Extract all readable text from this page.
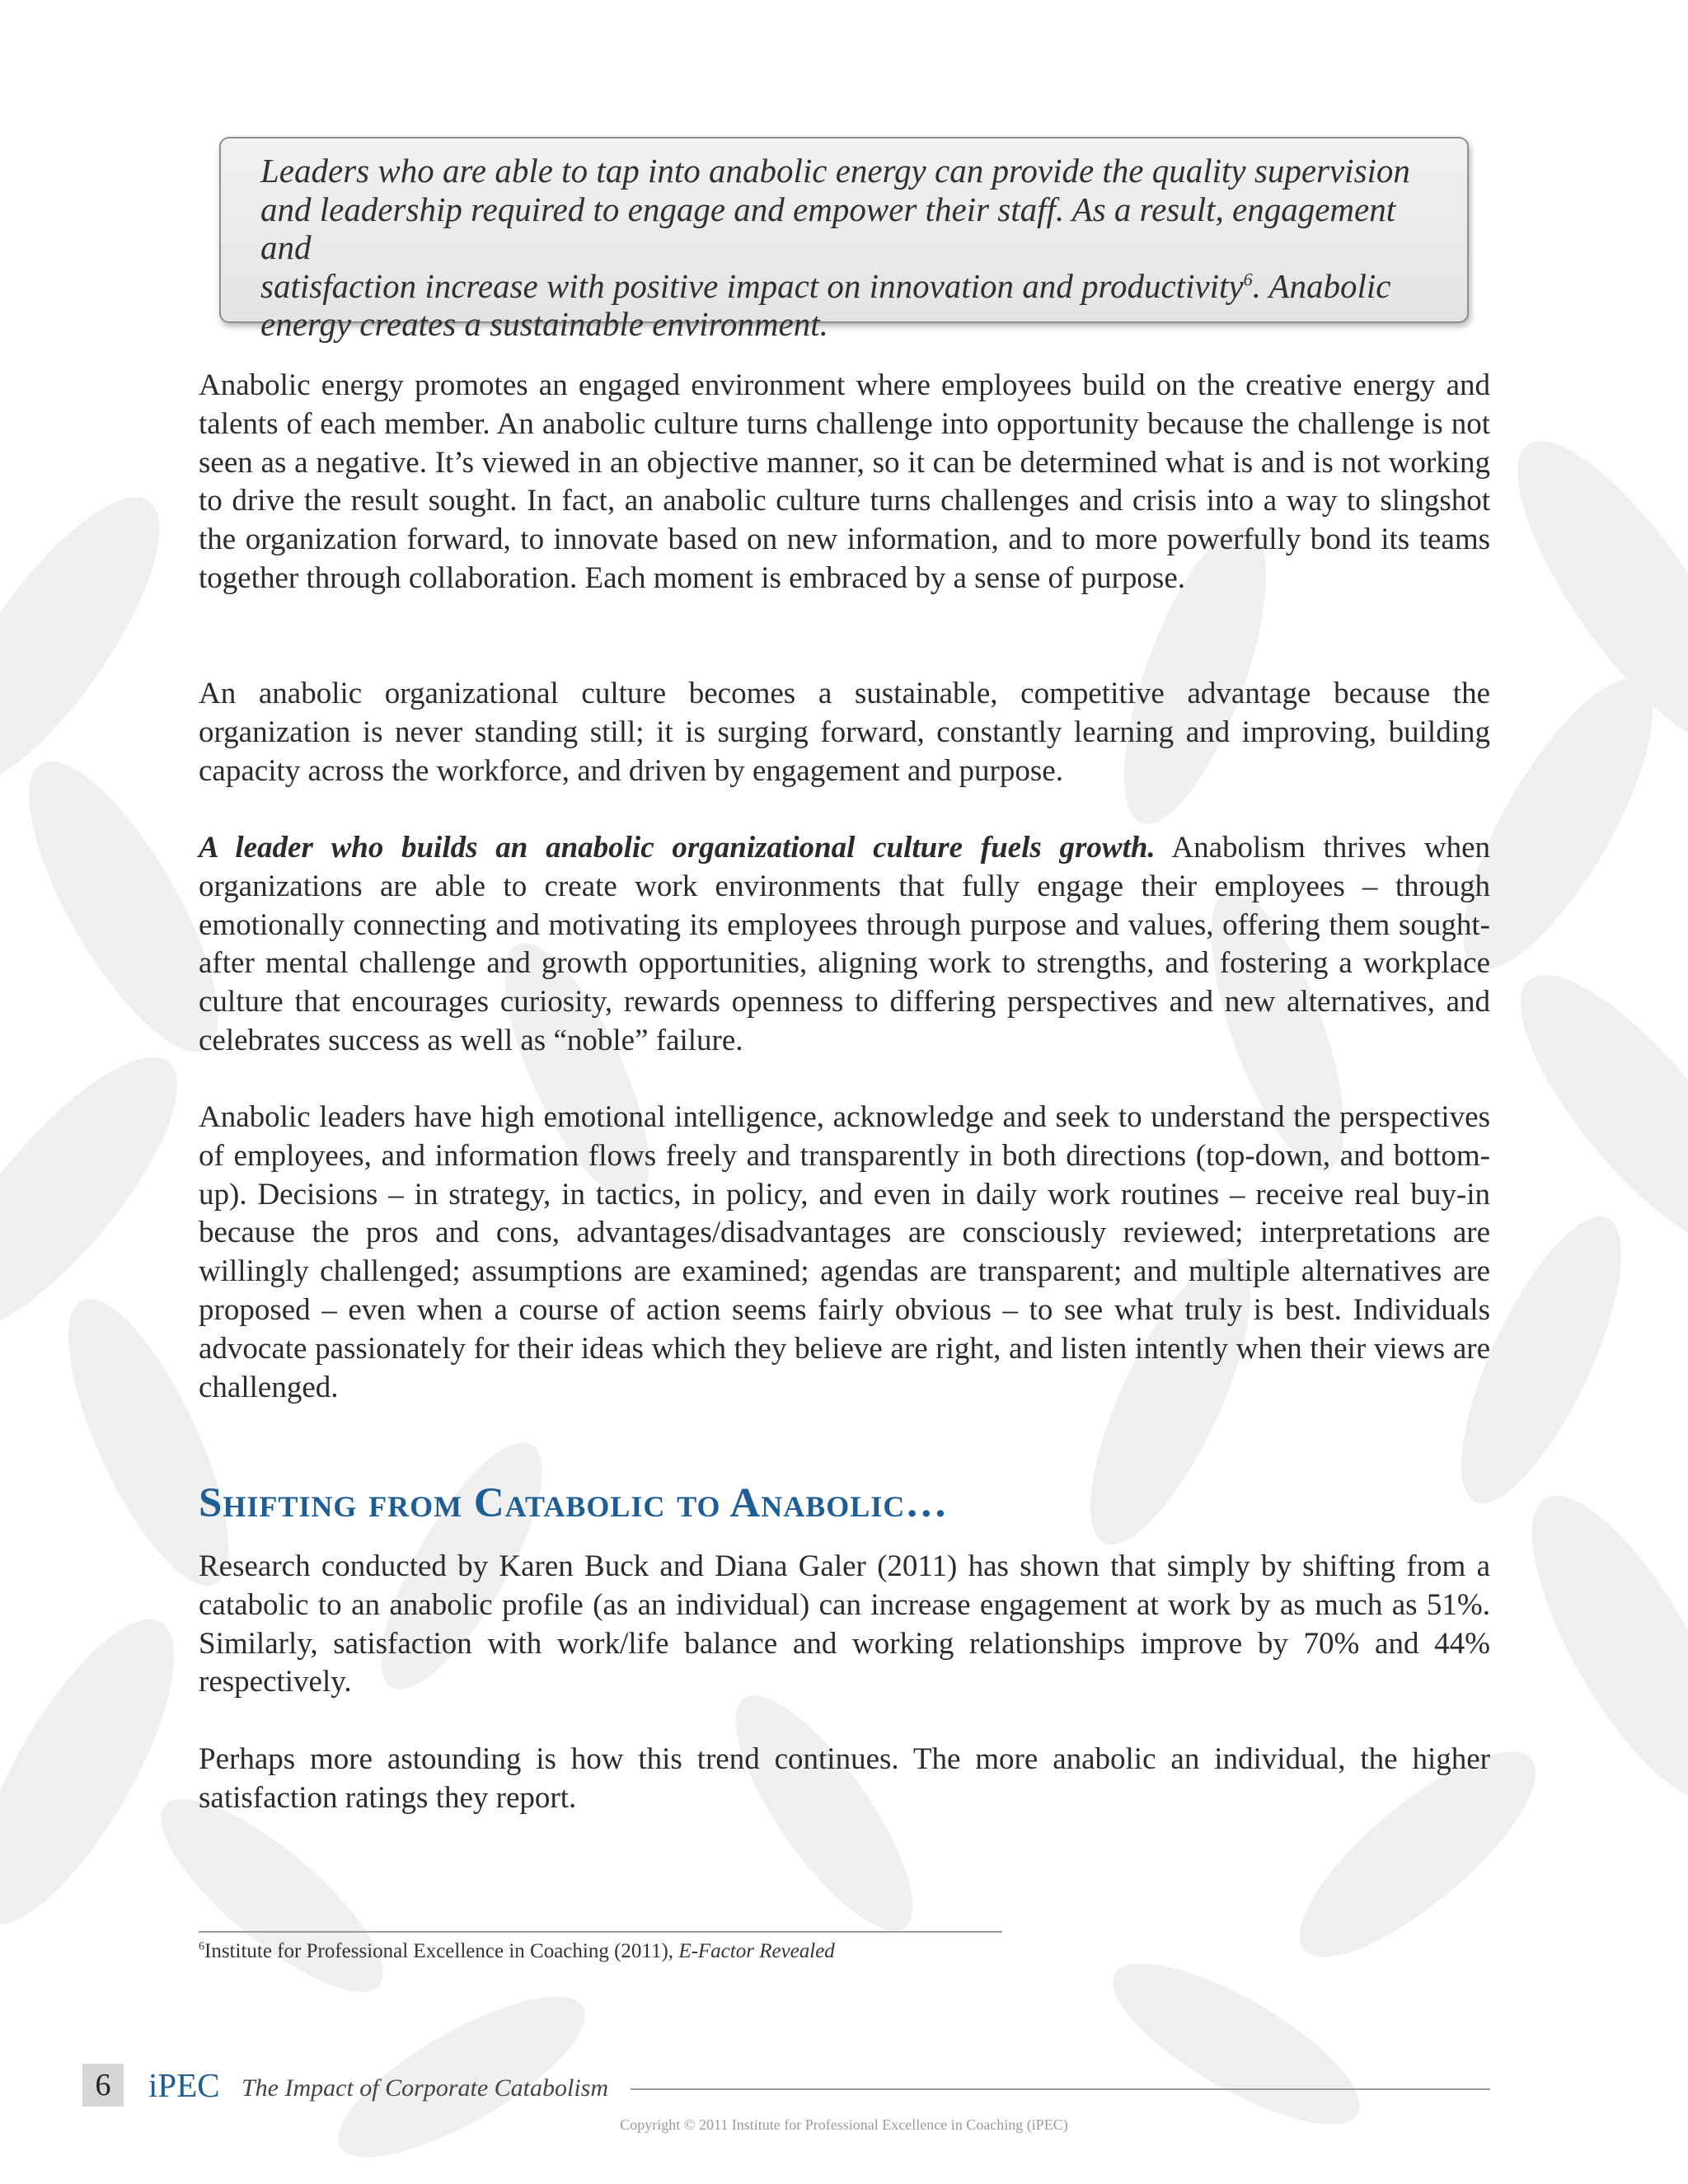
Leaders who are able to tap into anabolic energy can provide the quality supervision

and leadership required to engage and empower their staff. As a result, engagement and

satisfaction increase with positive impact on innovation and productivity$^6$. Anabolic

energy creates a sustainable environment.

Anabolic energy promotes an engaged environment where employees build on the creative energy and talents of each member. An anabolic culture turns challenge into opportunity because the challenge is not seen as a negative. It’s viewed in an objective manner, so it can be determined what is and is not working to drive the result sought. In fact, an anabolic culture turns challenges and crisis into a way to slingshot the organization forward, to innovate based on new information, and to more powerfully bond its teams together through collaboration. Each moment is embraced by a sense of purpose.

An anabolic organizational culture becomes a sustainable, competitive advantage because the organization is never standing still; it is surging forward, constantly learning and improving, building capacity across the workforce, and driven by engagement and purpose.

A leader who builds an anabolic organizational culture fuels growth. Anabolism thrives when organizations are able to create work environments that fully engage their employees – through emotionally connecting and motivating its employees through purpose and values, offering them sought-after mental challenge and growth opportunities, aligning work to strengths, and fostering a workplace culture that encourages curiosity, rewards openness to differing perspectives and new alternatives, and celebrates success as well as “noble” failure.

Anabolic leaders have high emotional intelligence, acknowledge and seek to understand the perspectives of employees, and information flows freely and transparently in both directions (top-down, and bottom-up). Decisions – in strategy, in tactics, in policy, and even in daily work routines – receive real buy-in because the pros and cons, advantages/disadvantages are consciously reviewed; interpretations are willingly challenged; assumptions are examined; agendas are transparent; and multiple alternatives are proposed – even when a course of action seems fairly obvious – to see what truly is best. Individuals advocate passionately for their ideas which they believe are right, and listen intently when their views are challenged.

Shifting from Catabolic to Anabolic…

Research conducted by Karen Buck and Diana Galer (2011) has shown that simply by shifting from a catabolic to an anabolic profile (as an individual) can increase engagement at work by as much as 51%. Similarly, satisfaction with work/life balance and working relationships improve by 70% and 44% respectively.

Perhaps more astounding is how this trend continues. The more anabolic an individual, the higher satisfaction ratings they report.

$^6$Institute for Professional Excellence in Coaching (2011), E-Factor Revealed
6	iPEC The Impact of Corporate Catabolism
Copyright © 2011 Institute for Professional Excellence in Coaching (iPEC)
